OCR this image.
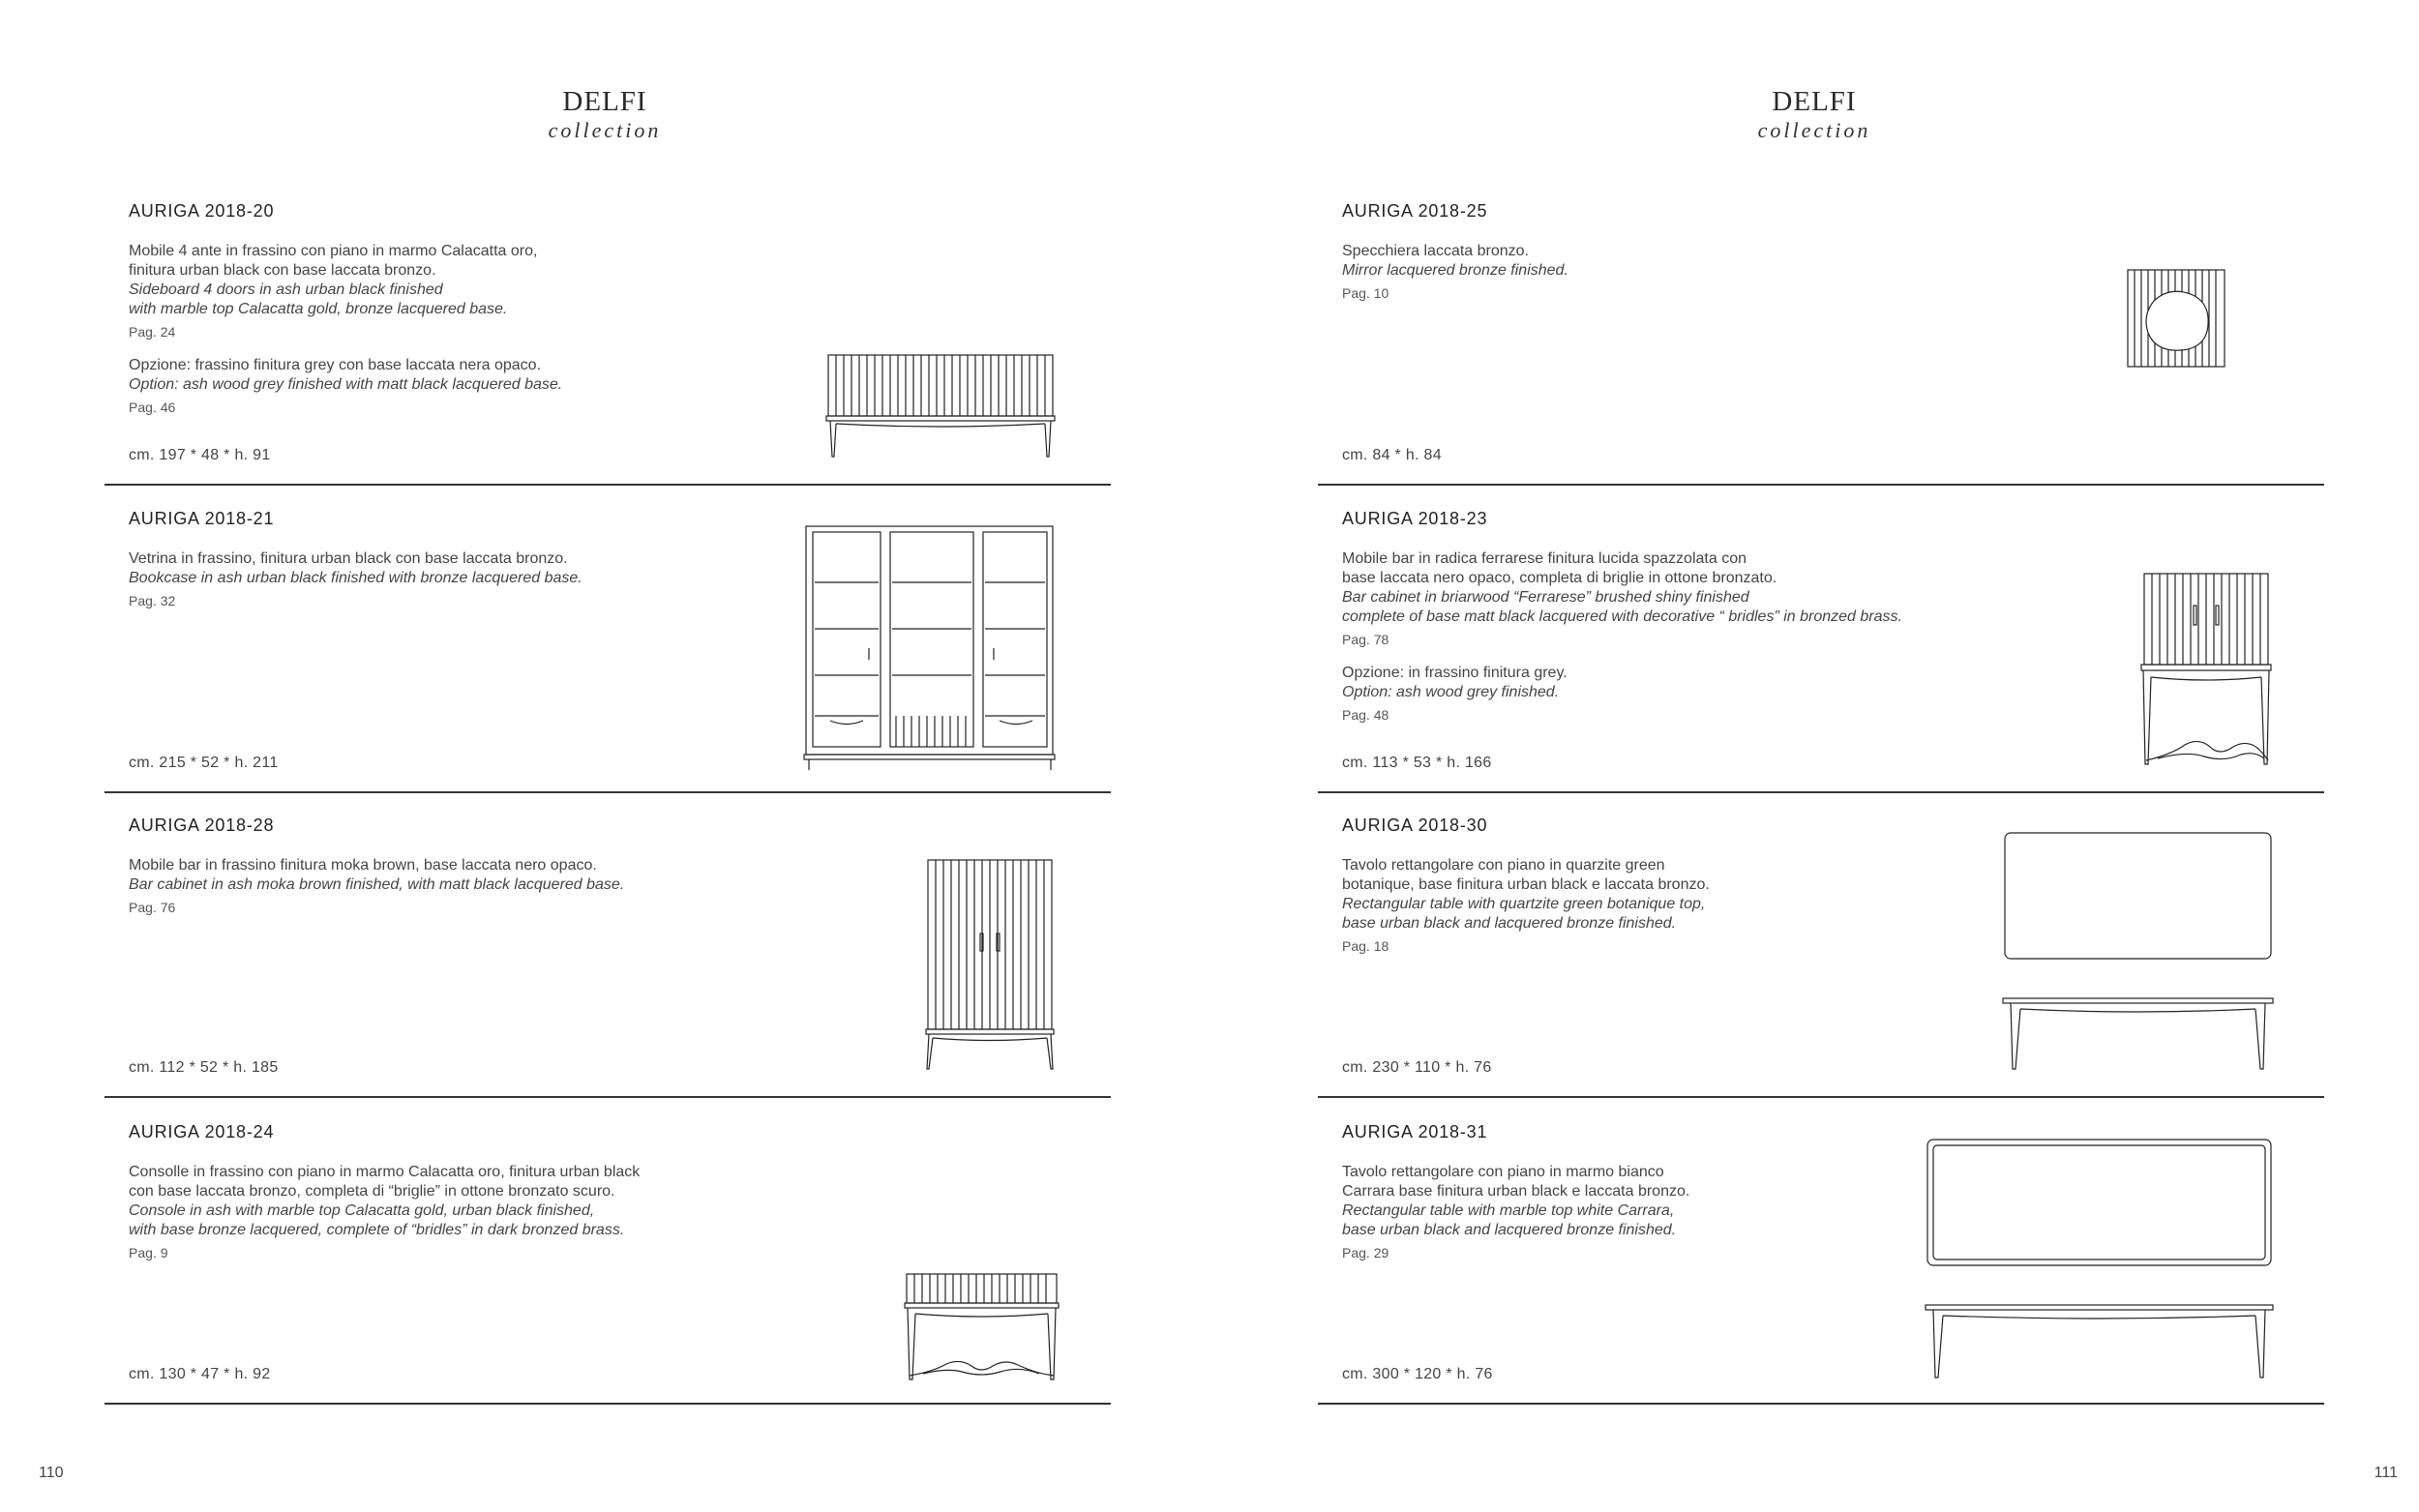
DELFI
collection
AURIGA 2018-20
Mobile 4 ante in frassino con piano in marmo Calacatta oro,
finitura urban black con base laccata bronzo.
Sideboard 4 doors in ash urban black finished
with marble top Calacatta gold, bronze lacquered base.
Pag. 24
Opzione: frassino finitura grey con base laccata nera opaco.
Option: ash wood grey finished with matt black lacquered base.
Pag. 46
cm. 197 * 48 * h. 91
AURIGA 2018-21
Vetrina in frassino, finitura urban black con base laccata bronzo.
Bookcase in ash urban black finished with bronze lacquered base.
Pag. 32
cm. 215 * 52 * h. 211
AURIGA 2018-28
Mobile bar in frassino finitura moka brown, base laccata nero opaco.
Bar cabinet in ash moka brown finished, with matt black lacquered base.
Pag. 76
cm. 112 * 52 * h. 185
AURIGA 2018-24
Consolle in frassino con piano in marmo Calacatta oro, finitura urban black
con base laccata bronzo, completa di “briglie” in ottone bronzato scuro.
Console in ash with marble top Calacatta gold, urban black finished,
with base bronze lacquered, complete of “bridles” in dark bronzed brass.
Pag. 9
cm. 130 * 47 * h. 92
110
DELFI
collection
AURIGA 2018-25
Specchiera laccata bronzo.
Mirror lacquered bronze finished.
Pag. 10
cm. 84 * h. 84
AURIGA 2018-23
Mobile bar in radica ferrarese finitura lucida spazzolata con
base laccata nero opaco, completa di briglie in ottone bronzato.
Bar cabinet in briarwood “Ferrarese” brushed shiny finished
complete of base matt black lacquered with decorative “ bridles” in bronzed brass.
Pag. 78
Opzione: in frassino finitura grey.
Option: ash wood grey finished.
Pag. 48
cm. 113 * 53 * h. 166
AURIGA 2018-30
Tavolo rettangolare con piano in quarzite green
botanique, base finitura urban black e laccata bronzo.
Rectangular table with quartzite green botanique top,
base urban black and lacquered bronze finished.
Pag. 18
cm. 230 * 110 * h. 76
AURIGA 2018-31
Tavolo rettangolare con piano in marmo bianco
Carrara base finitura urban black e laccata bronzo.
Rectangular table with marble top white Carrara,
base urban black and lacquered bronze finished.
Pag. 29
cm. 300 * 120 * h. 76
111
